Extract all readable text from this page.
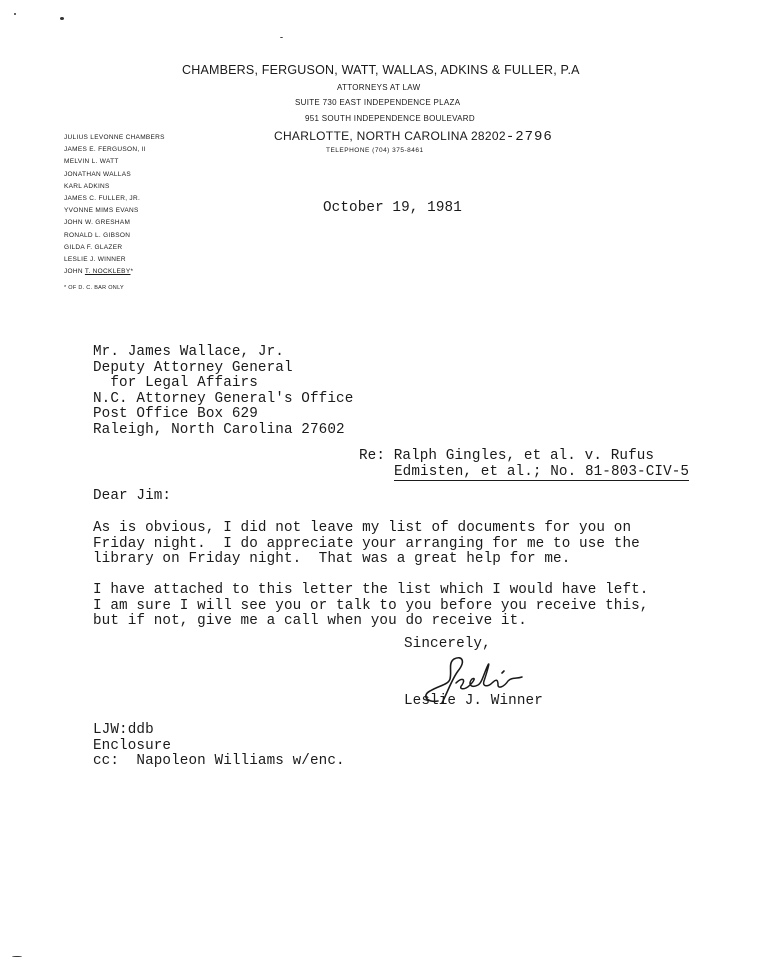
CHAMBERS, FERGUSON, WATT, WALLAS, ADKINS & FULLER, P.A
ATTORNEYS AT LAW
SUITE 730 EAST INDEPENDENCE PLAZA
951 SOUTH INDEPENDENCE BOULEVARD
CHARLOTTE, NORTH CAROLINA 28202-2796
TELEPHONE (704) 375-8461
JULIUS LEVONNE CHAMBERS
JAMES E. FERGUSON, II
MELVIN L. WATT
JONATHAN WALLAS
KARL ADKINS
JAMES C. FULLER, JR.
YVONNE MIMS EVANS
JOHN W. GRESHAM
RONALD L. GIBSON
GILDA F. GLAZER
LESLIE J. WINNER
JOHN T. NOCKLEBY*
* OF D. C. BAR ONLY
October 19, 1981
Mr. James Wallace, Jr.
Deputy Attorney General
for Legal Affairs
N.C. Attorney General's Office
Post Office Box 629
Raleigh, North Carolina 27602
Re: Ralph Gingles, et al. v. Rufus
Edmisten, et al.; No. 81-803-CIV-5
Dear Jim:
As is obvious, I did not leave my list of documents for you on
Friday night.  I do appreciate your arranging for me to use the
library on Friday night.  That was a great help for me.
I have attached to this letter the list which I would have left.
I am sure I will see you or talk to you before you receive this,
but if not, give me a call when you do receive it.
Sincerely,
Leslie J. Winner
LJW:ddb
Enclosure
cc:  Napoleon Williams w/enc.
